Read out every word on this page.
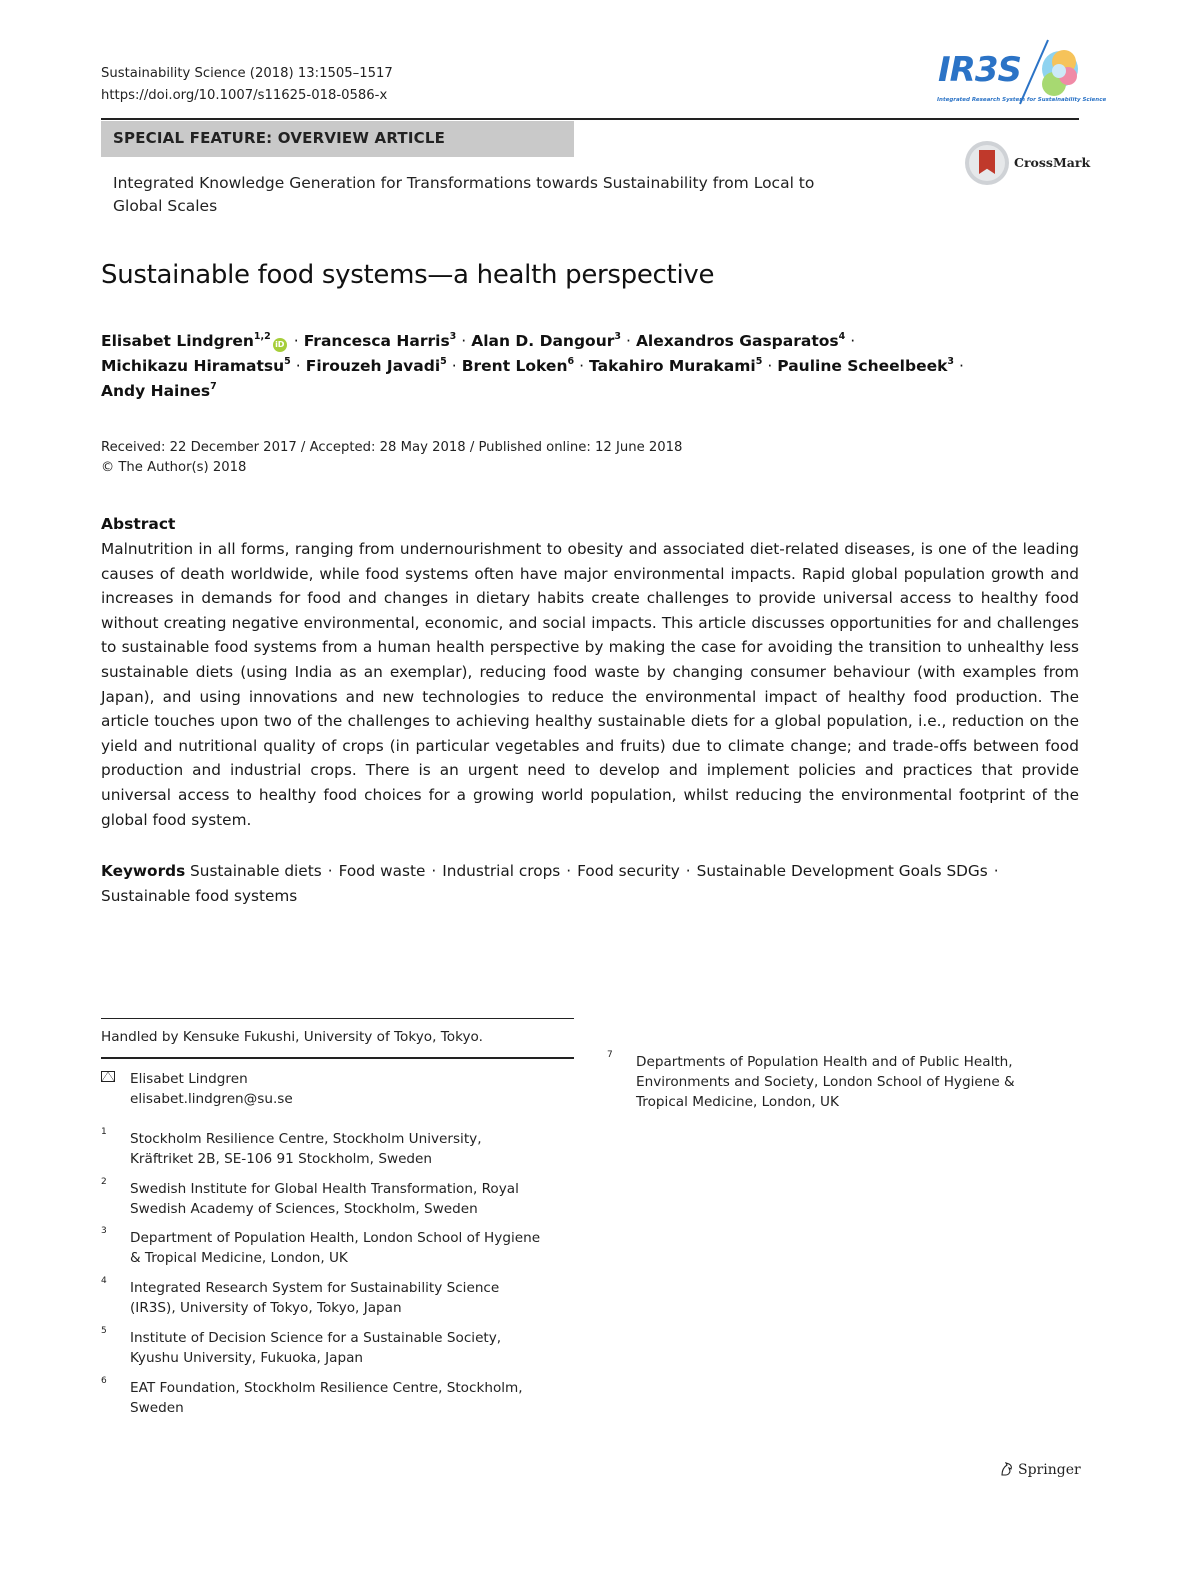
Sustainability Science (2018) 13:1505–1517
https://doi.org/10.1007/s11625-018-0586-x
IR3S
Integrated Research System for Sustainability Science
SPECIAL FEATURE: OVERVIEW ARTICLE
CrossMark
Integrated Knowledge Generation for Transformations towards Sustainability from Local to Global Scales
Sustainable food systems—a health perspective
Elisabet Lindgren$^{1,2}$iD · Francesca Harris$^3$ · Alan D. Dangour$^3$ · Alexandros Gasparatos$^4$ ·
Michikazu Hiramatsu$^5$ · Firouzeh Javadi$^5$ · Brent Loken$^6$ · Takahiro Murakami$^5$ · Pauline Scheelbeek$^3$ ·
Andy Haines$^7$
Received: 22 December 2017 / Accepted: 28 May 2018 / Published online: 12 June 2018
© The Author(s) 2018
Abstract
Malnutrition in all forms, ranging from undernourishment to obesity and associated diet-related diseases, is one of the leading causes of death worldwide, while food systems often have major environmental impacts. Rapid global population growth and increases in demands for food and changes in dietary habits create challenges to provide universal access to healthy food without creating negative environmental, economic, and social impacts. This article discusses opportunities for and challenges to sustainable food systems from a human health perspective by making the case for avoiding the transition to unhealthy less sustainable diets (using India as an exemplar), reducing food waste by changing consumer behaviour (with examples from Japan), and using innovations and new technologies to reduce the environmental impact of healthy food production. The article touches upon two of the challenges to achieving healthy sustainable diets for a global population, i.e., reduction on the yield and nutritional quality of crops (in particular vegetables and fruits) due to climate change; and trade-offs between food production and industrial crops. There is an urgent need to develop and implement policies and practices that provide universal access to healthy food choices for a growing world population, whilst reducing the environmental footprint of the global food system.
Keywords Sustainable diets · Food waste · Industrial crops · Food security · Sustainable Development Goals SDGs ·
Sustainable food systems
Handled by Kensuke Fukushi, University of Tokyo, Tokyo.
Elisabet Lindgren
elisabet.lindgren@su.se
1 Stockholm Resilience Centre, Stockholm University,
Kräftriket 2B, SE-106 91 Stockholm, Sweden
2 Swedish Institute for Global Health Transformation, Royal
Swedish Academy of Sciences, Stockholm, Sweden
3 Department of Population Health, London School of Hygiene
& Tropical Medicine, London, UK
4 Integrated Research System for Sustainability Science
(IR3S), University of Tokyo, Tokyo, Japan
5 Institute of Decision Science for a Sustainable Society,
Kyushu University, Fukuoka, Japan
6 EAT Foundation, Stockholm Resilience Centre, Stockholm,
Sweden
7 Departments of Population Health and of Public Health,
Environments and Society, London School of Hygiene &
Tropical Medicine, London, UK
Springer
